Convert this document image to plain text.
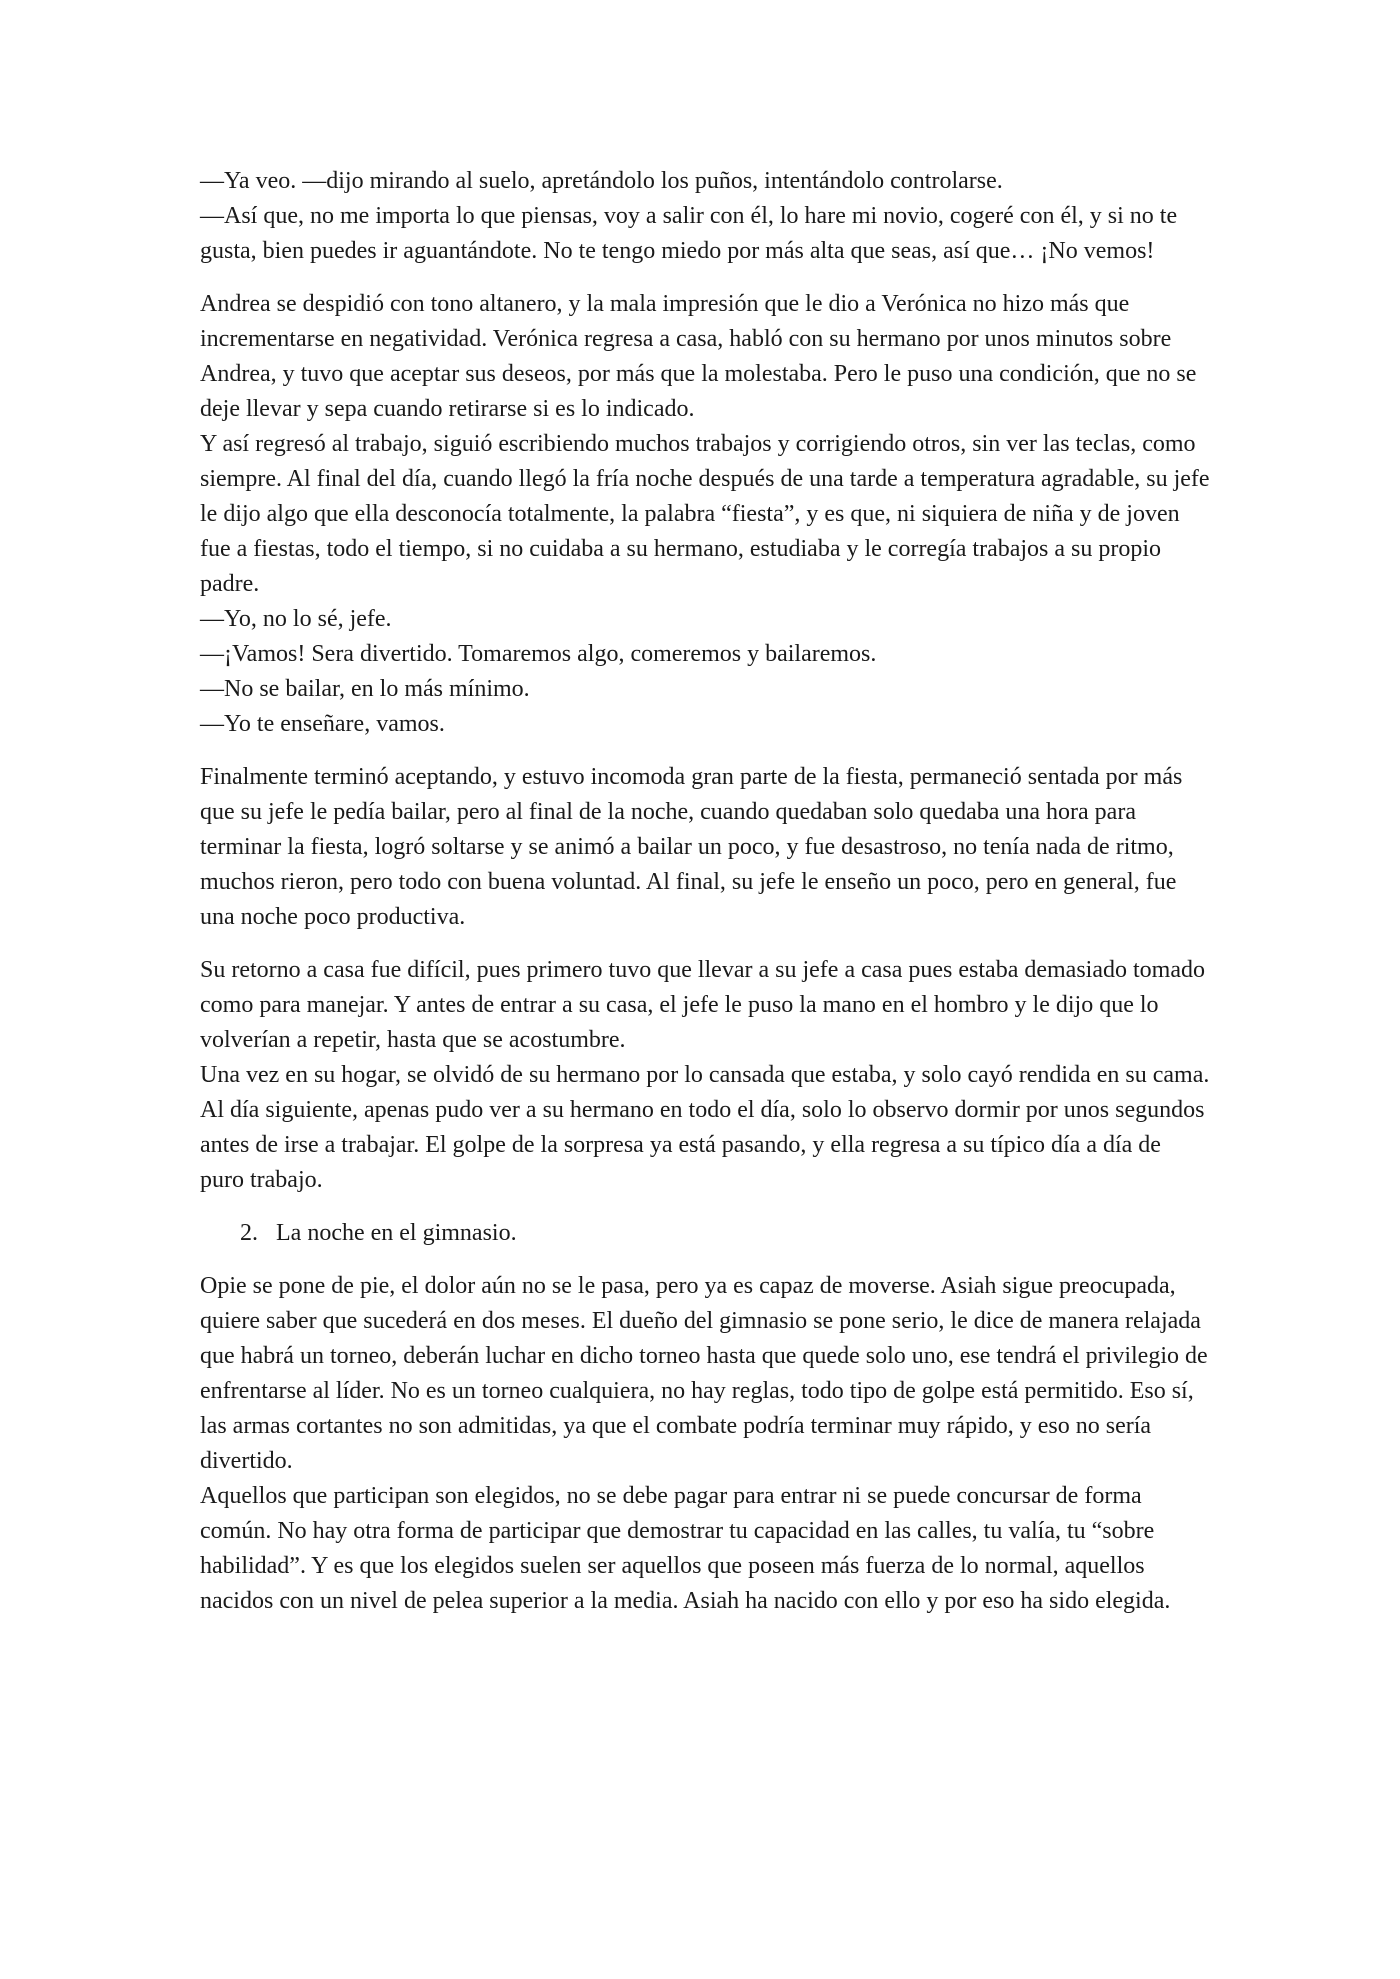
—Ya veo. —dijo mirando al suelo, apretándolo los puños, intentándolo controlarse.

—Así que, no me importa lo que piensas, voy a salir con él, lo hare mi novio, cogeré con él, y si no te gusta, bien puedes ir aguantándote. No te tengo miedo por más alta que seas, así que… ¡No vemos!

Andrea se despidió con tono altanero, y la mala impresión que le dio a Verónica no hizo más que incrementarse en negatividad. Verónica regresa a casa, habló con su hermano por unos minutos sobre Andrea, y tuvo que aceptar sus deseos, por más que la molestaba. Pero le puso una condición, que no se deje llevar y sepa cuando retirarse si es lo indicado.

Y así regresó al trabajo, siguió escribiendo muchos trabajos y corrigiendo otros, sin ver las teclas, como siempre. Al final del día, cuando llegó la fría noche después de una tarde a temperatura agradable, su jefe le dijo algo que ella desconocía totalmente, la palabra “fiesta”, y es que, ni siquiera de niña y de joven fue a fiestas, todo el tiempo, si no cuidaba a su hermano, estudiaba y le corregía trabajos a su propio padre.

—Yo, no lo sé, jefe.

—¡Vamos! Sera divertido. Tomaremos algo, comeremos y bailaremos.

—No se bailar, en lo más mínimo.

—Yo te enseñare, vamos.

Finalmente terminó aceptando, y estuvo incomoda gran parte de la fiesta, permaneció sentada por más que su jefe le pedía bailar, pero al final de la noche, cuando quedaban solo quedaba una hora para terminar la fiesta, logró soltarse y se animó a bailar un poco, y fue desastroso, no tenía nada de ritmo, muchos rieron, pero todo con buena voluntad. Al final, su jefe le enseño un poco, pero en general, fue una noche poco productiva.

Su retorno a casa fue difícil, pues primero tuvo que llevar a su jefe a casa pues estaba demasiado tomado como para manejar. Y antes de entrar a su casa, el jefe le puso la mano en el hombro y le dijo que lo volverían a repetir, hasta que se acostumbre.

Una vez en su hogar, se olvidó de su hermano por lo cansada que estaba, y solo cayó rendida en su cama.

Al día siguiente, apenas pudo ver a su hermano en todo el día, solo lo observo dormir por unos segundos antes de irse a trabajar. El golpe de la sorpresa ya está pasando, y ella regresa a su típico día a día de puro trabajo.

2. La noche en el gimnasio.

Opie se pone de pie, el dolor aún no se le pasa, pero ya es capaz de moverse. Asiah sigue preocupada, quiere saber que sucederá en dos meses. El dueño del gimnasio se pone serio, le dice de manera relajada que habrá un torneo, deberán luchar en dicho torneo hasta que quede solo uno, ese tendrá el privilegio de enfrentarse al líder. No es un torneo cualquiera, no hay reglas, todo tipo de golpe está permitido. Eso sí, las armas cortantes no son admitidas, ya que el combate podría terminar muy rápido, y eso no sería divertido.

Aquellos que participan son elegidos, no se debe pagar para entrar ni se puede concursar de forma común. No hay otra forma de participar que demostrar tu capacidad en las calles, tu valía, tu “sobre habilidad”. Y es que los elegidos suelen ser aquellos que poseen más fuerza de lo normal, aquellos nacidos con un nivel de pelea superior a la media. Asiah ha nacido con ello y por eso ha sido elegida.
